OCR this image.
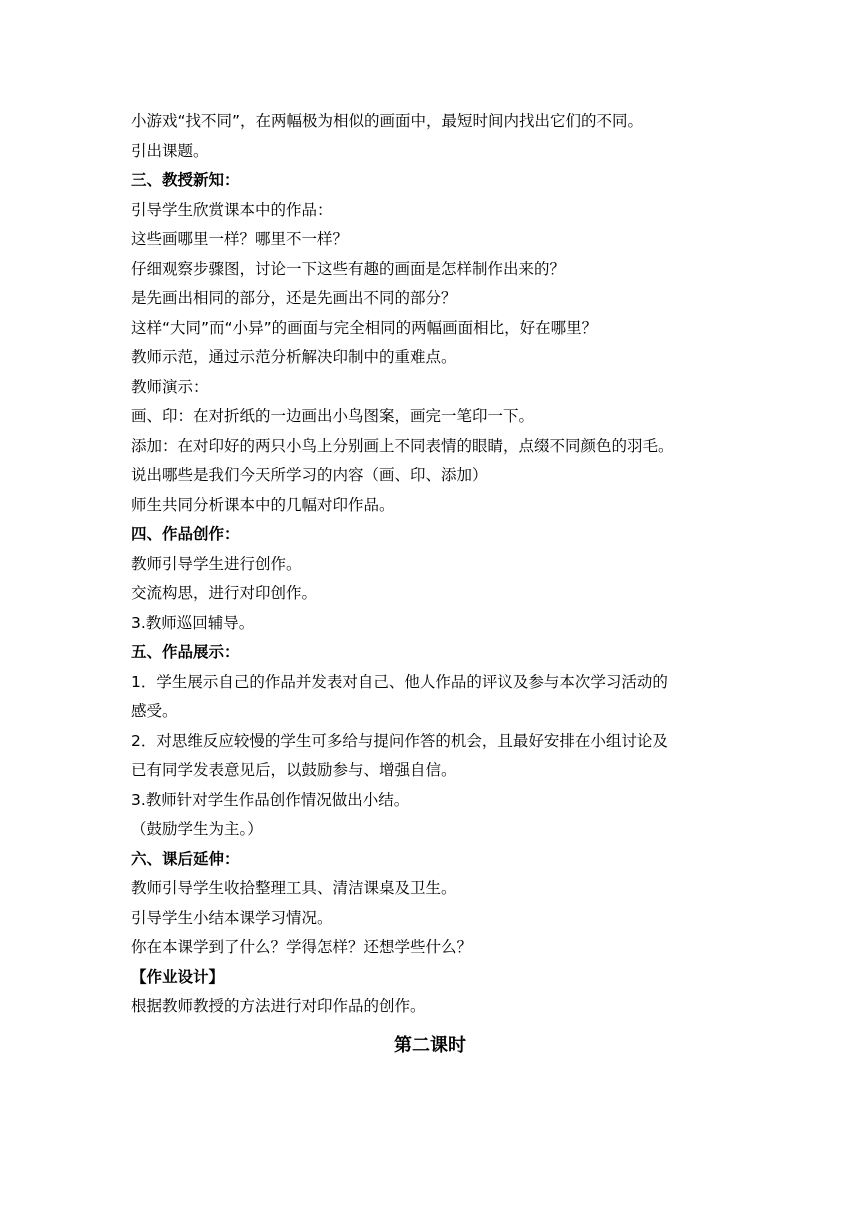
小游戏“找不同”，在两幅极为相似的画面中，最短时间内找出它们的不同。
引出课题。
三、教授新知：
引导学生欣赏课本中的作品：
这些画哪里一样？哪里不一样？
仔细观察步骤图，讨论一下这些有趣的画面是怎样制作出来的？
是先画出相同的部分，还是先画出不同的部分？
这样“大同”而“小异”的画面与完全相同的两幅画面相比，好在哪里？
教师示范，通过示范分析解决印制中的重难点。
教师演示：
画、印：在对折纸的一边画出小鸟图案，画完一笔印一下。
添加：在对印好的两只小鸟上分别画上不同表情的眼睛，点缀不同颜色的羽毛。
说出哪些是我们今天所学习的内容（画、印、添加）
师生共同分析课本中的几幅对印作品。
四、作品创作：
教师引导学生进行创作。
交流构思，进行对印创作。
3.教师巡回辅导。
五、作品展示：
1．学生展示自己的作品并发表对自己、他人作品的评议及参与本次学习活动的
感受。
2．对思维反应较慢的学生可多给与提问作答的机会，且最好安排在小组讨论及
已有同学发表意见后，以鼓励参与、增强自信。
3.教师针对学生作品创作情况做出小结。
（鼓励学生为主。）
六、课后延伸：
教师引导学生收拾整理工具、清洁课桌及卫生。
引导学生小结本课学习情况。
你在本课学到了什么？学得怎样？还想学些什么？
【作业设计】
根据教师教授的方法进行对印作品的创作。
第二课时
